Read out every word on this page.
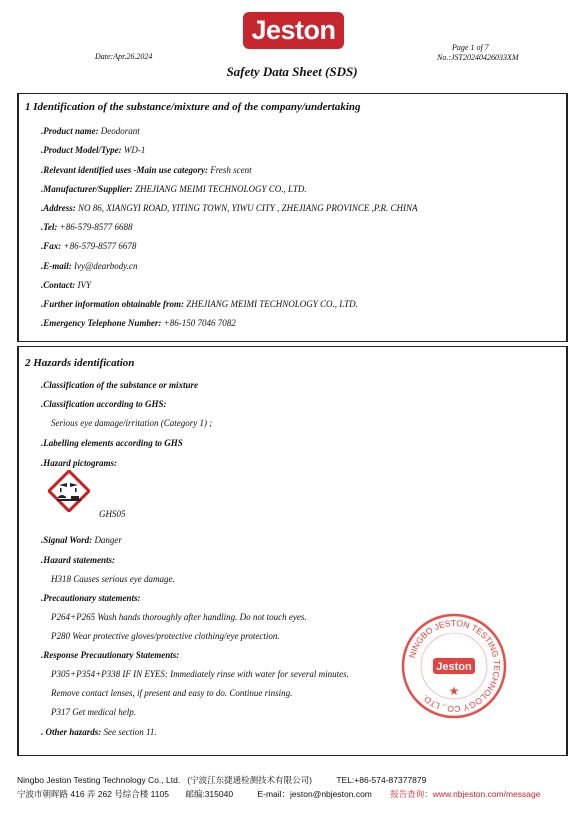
Jeston
Page 1 of 7
Date:Apr.26.2024	No.:JST20240426033XM
Safety Data Sheet (SDS)
1 Identification of the substance/mixture and of the company/undertaking
.Product name: Deodorant
.Product Model/Type: WD-1
.Relevant identified uses -Main use category: Fresh scent
.Manufacturer/Supplier: ZHEJIANG MEIMI TECHNOLOGY CO., LTD.
.Address: NO 86, XIANGYI ROAD, YITING TOWN, YIWU CITY , ZHEJIANG PROVINCE ,P.R. CHINA
.Tel: +86-579-8577 6688
.Fax: +86-579-8577 6678
.E-mail: Ivy@dearbody.cn
.Contact: IVY
.Further information obtainable from: ZHEJIANG MEIMI TECHNOLOGY CO., LTD.
.Emergency Telephone Number: +86-150 7046 7082
2 Hazards identification
.Classification of the substance or mixture
.Classification according to GHS:
Serious eye damage/irritation (Category 1) ;
.Labelling elements according to GHS
.Hazard pictograms:
GHS05
.Signal Word: Danger
.Hazard statements:
H318 Causes serious eye damage.
.Precautionary statements:
P264+P265 Wash hands thoroughly after handling. Do not touch eyes.
P280 Wear protective gloves/protective clothing/eye protection.
.Response Precautionary Statements:
P305+P354+P338 IF IN EYES: Immediately rinse with water for several minutes.
Remove contact lenses, if present and easy to do. Continue rinsing.
P317 Get medical help.
. Other hazards: See section 11.
NINGBO JESTON TESTING TECHNOLOGY CO., LTD.
Jeston
★
Ningbo Jeston Testing Technology Co., Ltd. (宁波江东捷通检测技术有限公司)	TEL:+86-574-87377879
宁波市朝晖路 416 弄 262 号综合楼 1105 邮编:315040	E-mail：jeston@nbjeston.com 报告查询：www.nbjeston.com/message
